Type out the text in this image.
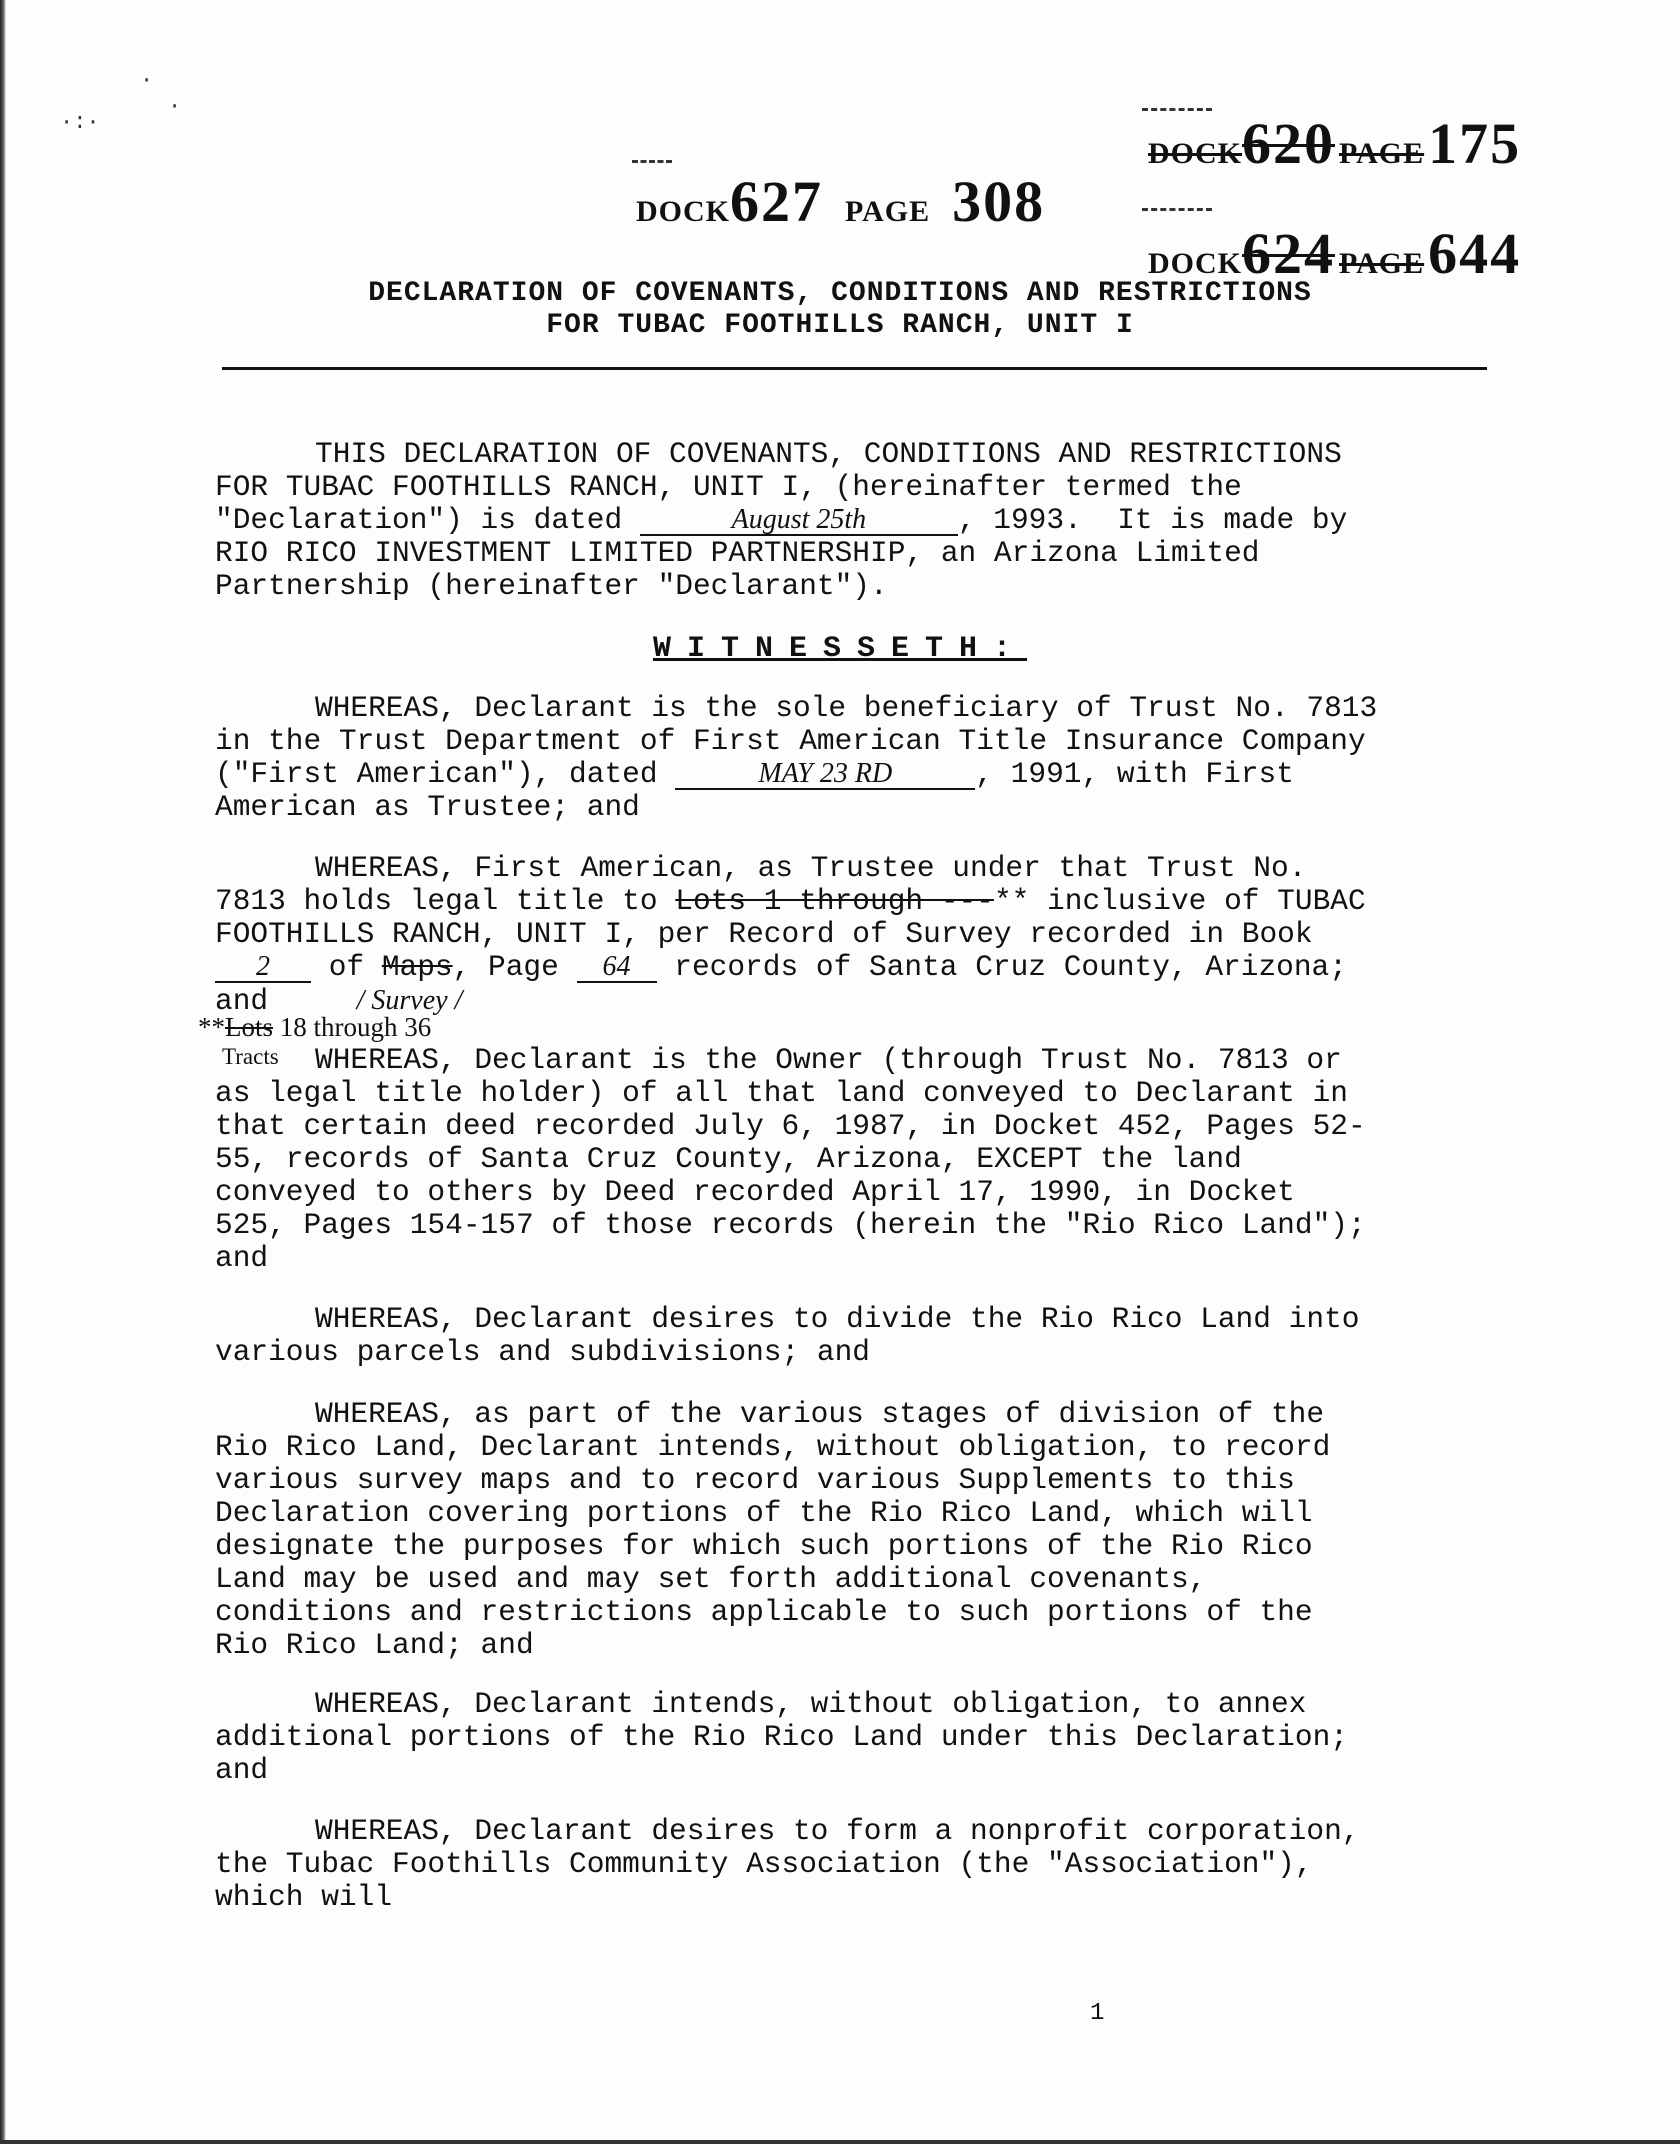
·
·
·:·
DOCK620 PAGE 175
DOCK624 PAGE 644
DOCK627 PAGE 308
DECLARATION OF COVENANTS, CONDITIONS AND RESTRICTIONS
FOR TUBAC FOOTHILLS RANCH, UNIT I
THIS DECLARATION OF COVENANTS, CONDITIONS AND RESTRICTIONS
FOR TUBAC FOOTHILLS RANCH, UNIT I, (hereinafter termed the
"Declaration") is dated	August 25th	, 1993.  It is made by
RIO RICO INVESTMENT LIMITED PARTNERSHIP, an Arizona Limited
Partnership (hereinafter "Declarant").
WITNESSETH:
WHEREAS, Declarant is the sole beneficiary of Trust No. 7813
in the Trust Department of First American Title Insurance Company
("First American"), dated	MAY 23 RD	, 1991, with First
American as Trustee; and
WHEREAS, First American, as Trustee under that Trust No.
7813 holds legal title to Lots 1 through ---** inclusive of TUBAC
FOOTHILLS RANCH, UNIT I, per Record of Survey recorded in Book
2 of Maps, Page 64 records of Santa Cruz County, Arizona;
and	/ Survey /
**Lots 18 through 36
Tracts	WHEREAS, Declarant is the Owner (through Trust No. 7813 or
as legal title holder) of all that land conveyed to Declarant in
that certain deed recorded July 6, 1987, in Docket 452, Pages 52-
55, records of Santa Cruz County, Arizona, EXCEPT the land
conveyed to others by Deed recorded April 17, 1990, in Docket
525, Pages 154-157 of those records (herein the "Rio Rico Land");
and
WHEREAS, Declarant desires to divide the Rio Rico Land into
various parcels and subdivisions; and
WHEREAS, as part of the various stages of division of the
Rio Rico Land, Declarant intends, without obligation, to record
various survey maps and to record various Supplements to this
Declaration covering portions of the Rio Rico Land, which will
designate the purposes for which such portions of the Rio Rico
Land may be used and may set forth additional covenants,
conditions and restrictions applicable to such portions of the
Rio Rico Land; and
WHEREAS, Declarant intends, without obligation, to annex
additional portions of the Rio Rico Land under this Declaration;
and
WHEREAS, Declarant desires to form a nonprofit corporation,
the Tubac Foothills Community Association (the "Association"),
which will
1
